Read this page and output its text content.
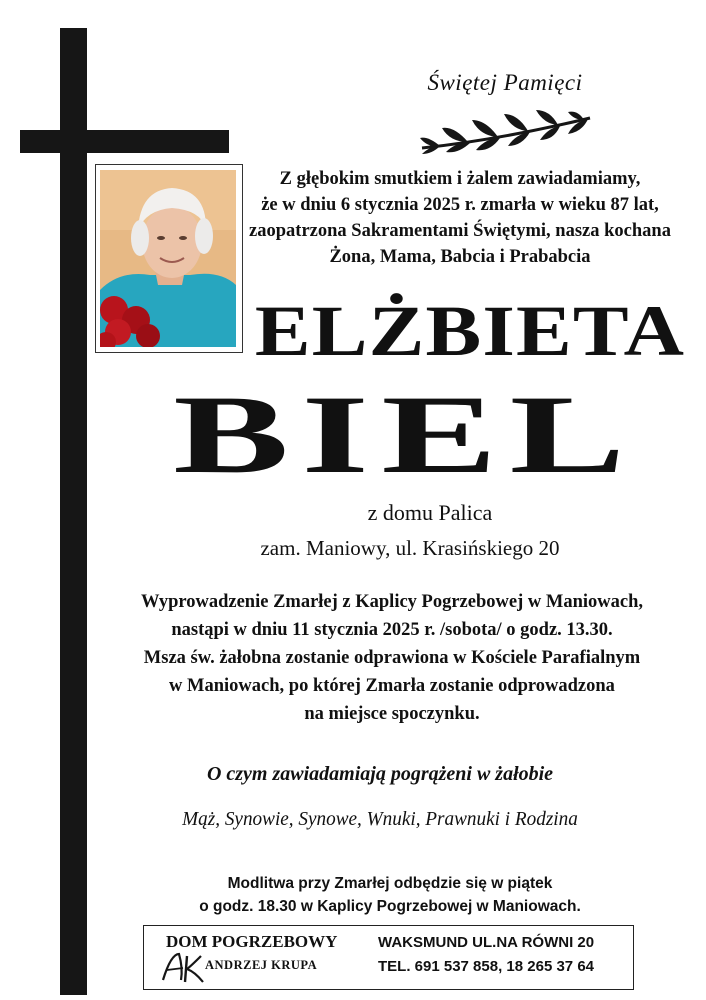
Świętej Pamięci
Z głębokim smutkiem i żalem zawiadamiamy,
że w dniu 6 stycznia 2025 r. zmarła w wieku 87 lat,
zaopatrzona Sakramentami Świętymi, nasza kochana
Żona, Mama, Babcia i Prababcia
ELŻBIETA
BIEL
z domu Palica
zam. Maniowy, ul. Krasińskiego 20
Wyprowadzenie Zmarłej z Kaplicy Pogrzebowej w Maniowach,
nastąpi w dniu 11 stycznia 2025 r. /sobota/ o godz. 13.30.
Msza św. żałobna zostanie odprawiona w Kościele Parafialnym
w Maniowach, po której Zmarła zostanie odprowadzona
na miejsce spoczynku.
O czym zawiadamiają pogrążeni w żałobie
Mąż, Synowie, Synowe, Wnuki, Prawnuki i Rodzina
Modlitwa przy Zmarłej odbędzie się w piątek
o godz. 18.30 w Kaplicy Pogrzebowej w Maniowach.
DOM POGRZEBOWY
ANDRZEJ KRUPA
WAKSMUND UL.NA RÓWNI 20
TEL. 691 537 858, 18 265 37 64
